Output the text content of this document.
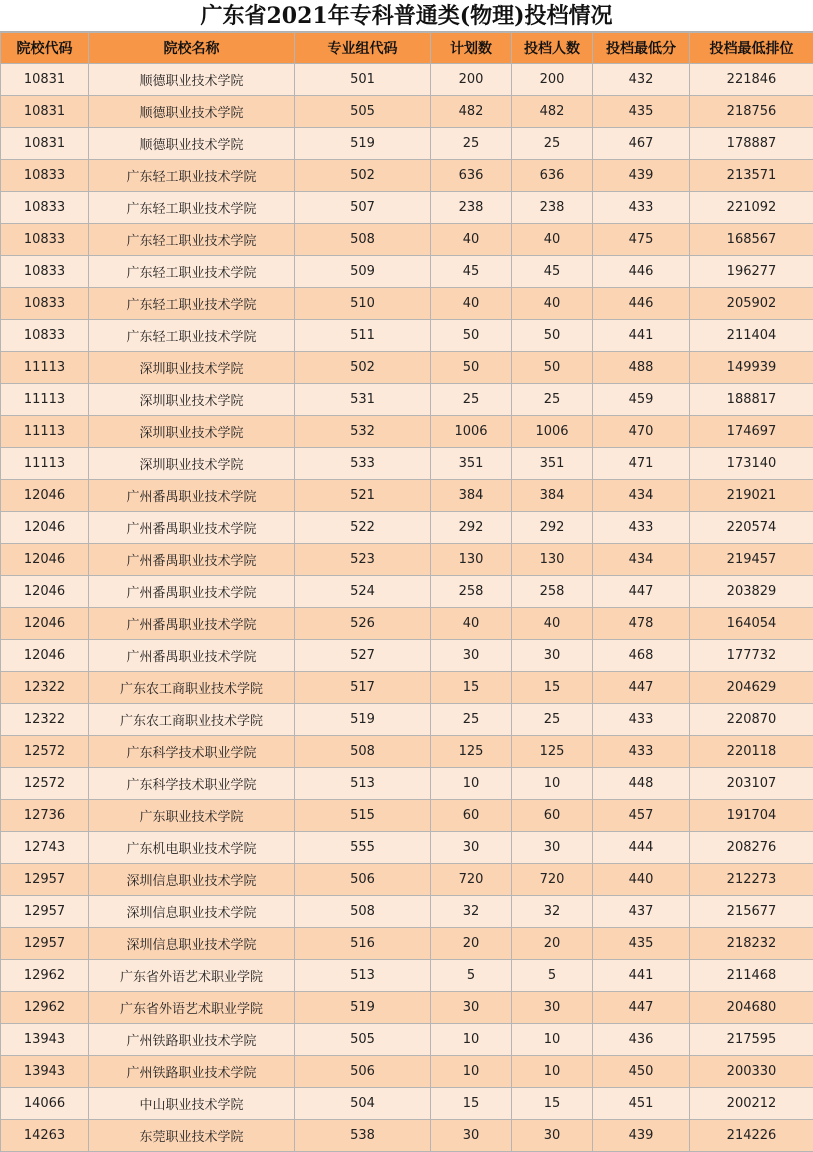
广东省2021年专科普通类(物理)投档情况
院校代码	院校名称	专业组代码	计划数	投档人数	投档最低分	投档最低排位
10831	顺德职业技术学院	501	200	200	432	221846
10831	顺德职业技术学院	505	482	482	435	218756
10831	顺德职业技术学院	519	25	25	467	178887
10833	广东轻工职业技术学院	502	636	636	439	213571
10833	广东轻工职业技术学院	507	238	238	433	221092
10833	广东轻工职业技术学院	508	40	40	475	168567
10833	广东轻工职业技术学院	509	45	45	446	196277
10833	广东轻工职业技术学院	510	40	40	446	205902
10833	广东轻工职业技术学院	511	50	50	441	211404
11113	深圳职业技术学院	502	50	50	488	149939
11113	深圳职业技术学院	531	25	25	459	188817
11113	深圳职业技术学院	532	1006	1006	470	174697
11113	深圳职业技术学院	533	351	351	471	173140
12046	广州番禺职业技术学院	521	384	384	434	219021
12046	广州番禺职业技术学院	522	292	292	433	220574
12046	广州番禺职业技术学院	523	130	130	434	219457
12046	广州番禺职业技术学院	524	258	258	447	203829
12046	广州番禺职业技术学院	526	40	40	478	164054
12046	广州番禺职业技术学院	527	30	30	468	177732
12322	广东农工商职业技术学院	517	15	15	447	204629
12322	广东农工商职业技术学院	519	25	25	433	220870
12572	广东科学技术职业学院	508	125	125	433	220118
12572	广东科学技术职业学院	513	10	10	448	203107
12736	广东职业技术学院	515	60	60	457	191704
12743	广东机电职业技术学院	555	30	30	444	208276
12957	深圳信息职业技术学院	506	720	720	440	212273
12957	深圳信息职业技术学院	508	32	32	437	215677
12957	深圳信息职业技术学院	516	20	20	435	218232
12962	广东省外语艺术职业学院	513	5	5	441	211468
12962	广东省外语艺术职业学院	519	30	30	447	204680
13943	广州铁路职业技术学院	505	10	10	436	217595
13943	广州铁路职业技术学院	506	10	10	450	200330
14066	中山职业技术学院	504	15	15	451	200212
14263	东莞职业技术学院	538	30	30	439	214226
